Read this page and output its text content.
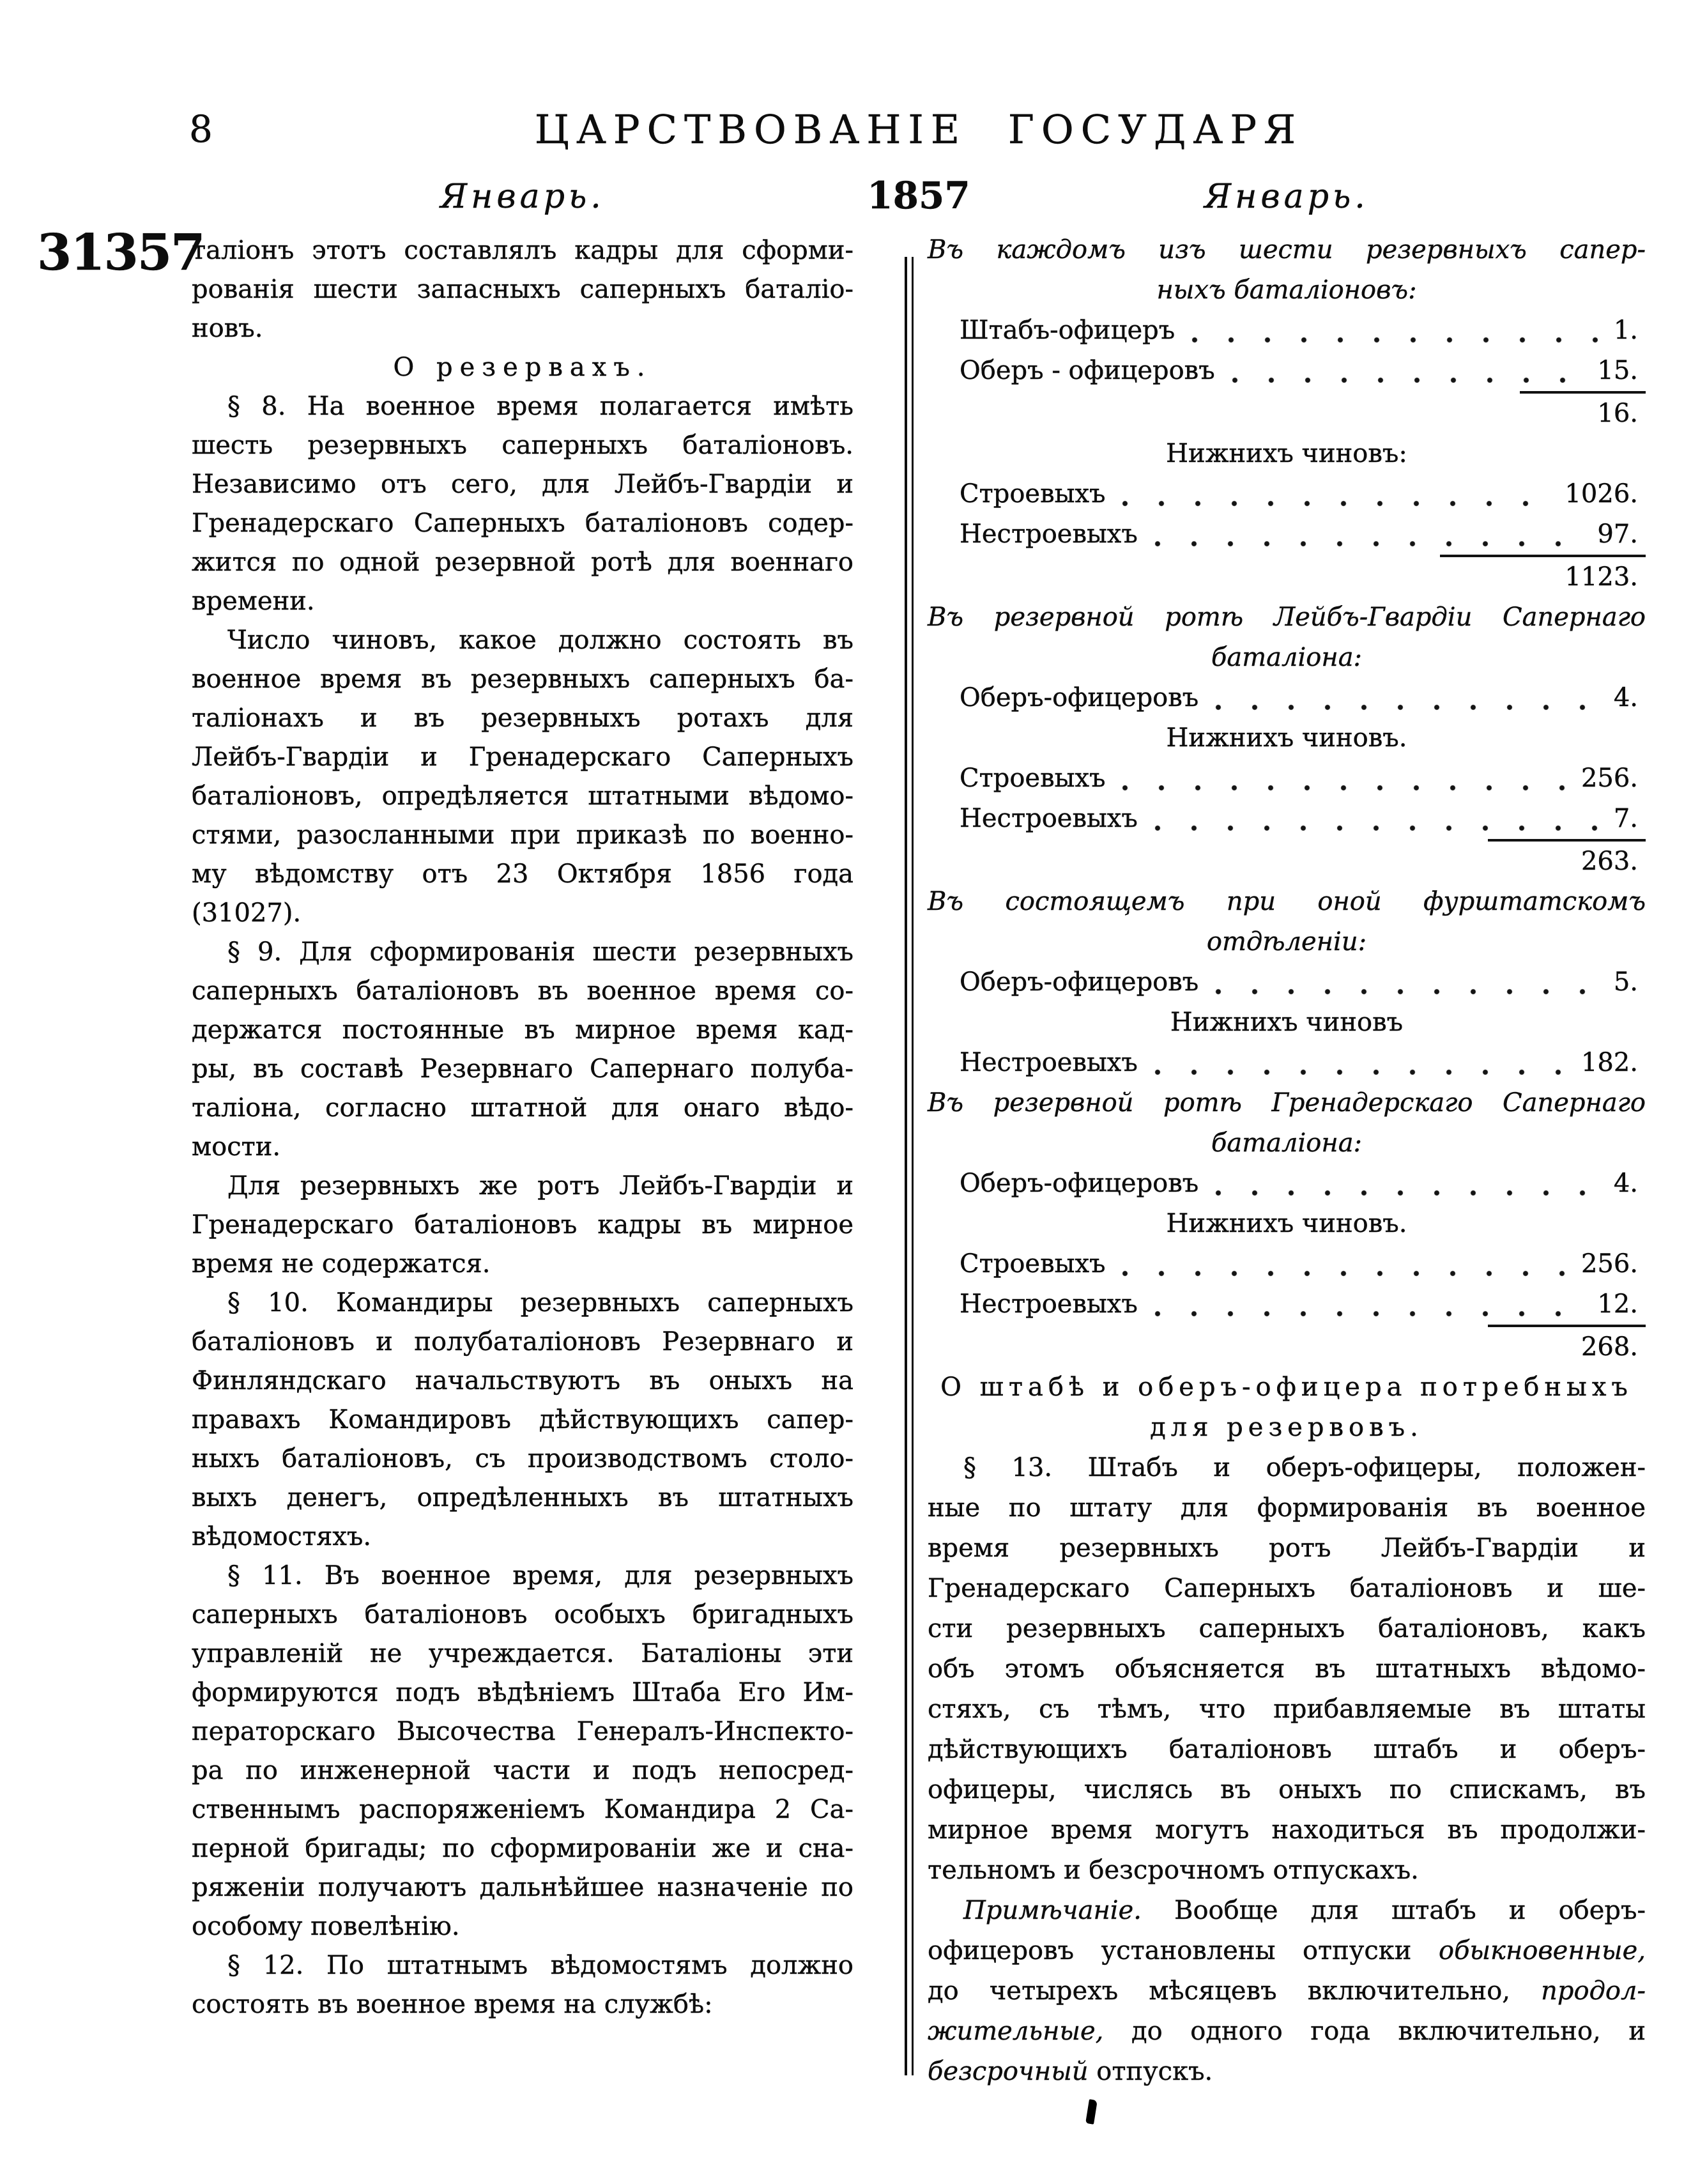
8	ЦАРСТВОВАНІЕ ГОСУДАРЯ
Январь.	1857	Январь.
31357
таліонъ этотъ составлялъ кадры для сформи-
рованія шести запасныхъ саперныхъ баталіо-
новъ.
О резервахъ.
§ 8. На военное время полагается имѣть
шесть резервныхъ саперныхъ баталіоновъ.
Независимо отъ сего, для Лейбъ-Гвардіи и
Гренадерскаго Саперныхъ баталіоновъ содер-
жится по одной резервной ротѣ для военнаго
времени.
Число чиновъ, какое должно состоять въ
военное время въ резервныхъ саперныхъ ба-
таліонахъ и въ резервныхъ ротахъ для
Лейбъ-Гвардіи и Гренадерскаго Саперныхъ
баталіоновъ, опредѣляется штатными вѣдомо-
стями, разосланными при приказѣ по военно-
му вѣдомству отъ 23 Октября 1856 года
(31027).
§ 9. Для сформированія шести резервныхъ
саперныхъ баталіоновъ въ военное время со-
держатся постоянные въ мирное время кад-
ры, въ составѣ Резервнаго Сапернаго полуба-
таліона, согласно штатной для онаго вѣдо-
мости.
Для резервныхъ же ротъ Лейбъ-Гвардіи и
Гренадерскаго баталіоновъ кадры въ мирное
время не содержатся.
§ 10. Командиры резервныхъ саперныхъ
баталіоновъ и полубаталіоновъ Резервнаго и
Финляндскаго начальствуютъ въ оныхъ на
правахъ Командировъ дѣйствующихъ сапер-
ныхъ баталіоновъ, съ производствомъ столо-
выхъ денегъ, опредѣленныхъ въ штатныхъ
вѣдомостяхъ.
§ 11. Въ военное время, для резервныхъ
саперныхъ баталіоновъ особыхъ бригадныхъ
управленій не учреждается. Баталіоны эти
формируются подъ вѣдѣніемъ Штаба Его Им-
ператорскаго Высочества Генералъ-Инспекто-
ра по инженерной части и подъ непосред-
ственнымъ распоряженіемъ Командира 2 Са-
перной бригады; по сформированіи же и сна-
ряженіи получаютъ дальнѣйшее назначеніе по
особому повелѣнію.
§ 12. По штатнымъ вѣдомостямъ должно
состоять въ военное время на службѣ:
Въ каждомъ изъ шести резервныхъ сапер-
ныхъ баталіоновъ:
Штабъ-офицеръ	1.
Оберъ - офицеровъ	15.
16.
Нижнихъ чиновъ:
Строевыхъ	1026.
Нестроевыхъ	97.
1123.
Въ резервной ротѣ Лейбъ-Гвардіи Сапернаго
баталіона:
Оберъ-офицеровъ	4.
Нижнихъ чиновъ.
Строевыхъ	256.
Нестроевыхъ	7.
263.
Въ состоящемъ при оной фурштатскомъ
отдѣленіи:
Оберъ-офицеровъ	5.
Нижнихъ чиновъ
Нестроевыхъ	182.
Въ резервной ротѣ Гренадерскаго Сапернаго
баталіона:
Оберъ-офицеровъ	4.
Нижнихъ чиновъ.
Строевыхъ	256.
Нестроевыхъ	12.
268.
О штабѣ и оберъ-офицера потребныхъ
для резервовъ.
§ 13. Штабъ и оберъ-офицеры, положен-
ные по штату для формированія въ военное
время резервныхъ ротъ Лейбъ-Гвардіи и
Гренадерскаго Саперныхъ баталіоновъ и ше-
сти резервныхъ саперныхъ баталіоновъ, какъ
объ этомъ объясняется въ штатныхъ вѣдомо-
стяхъ, съ тѣмъ, что прибавляемые въ штаты
дѣйствующихъ баталіоновъ штабъ и оберъ-
офицеры, числясь въ оныхъ по спискамъ, въ
мирное время могутъ находиться въ продолжи-
тельномъ и безсрочномъ отпускахъ.
Примѣчаніе. Вообще для штабъ и оберъ-
офицеровъ установлены отпуски обыкновенные,
до четырехъ мѣсяцевъ включительно, продол-
жительные, до одного года включительно, и
безсрочный отпускъ.
